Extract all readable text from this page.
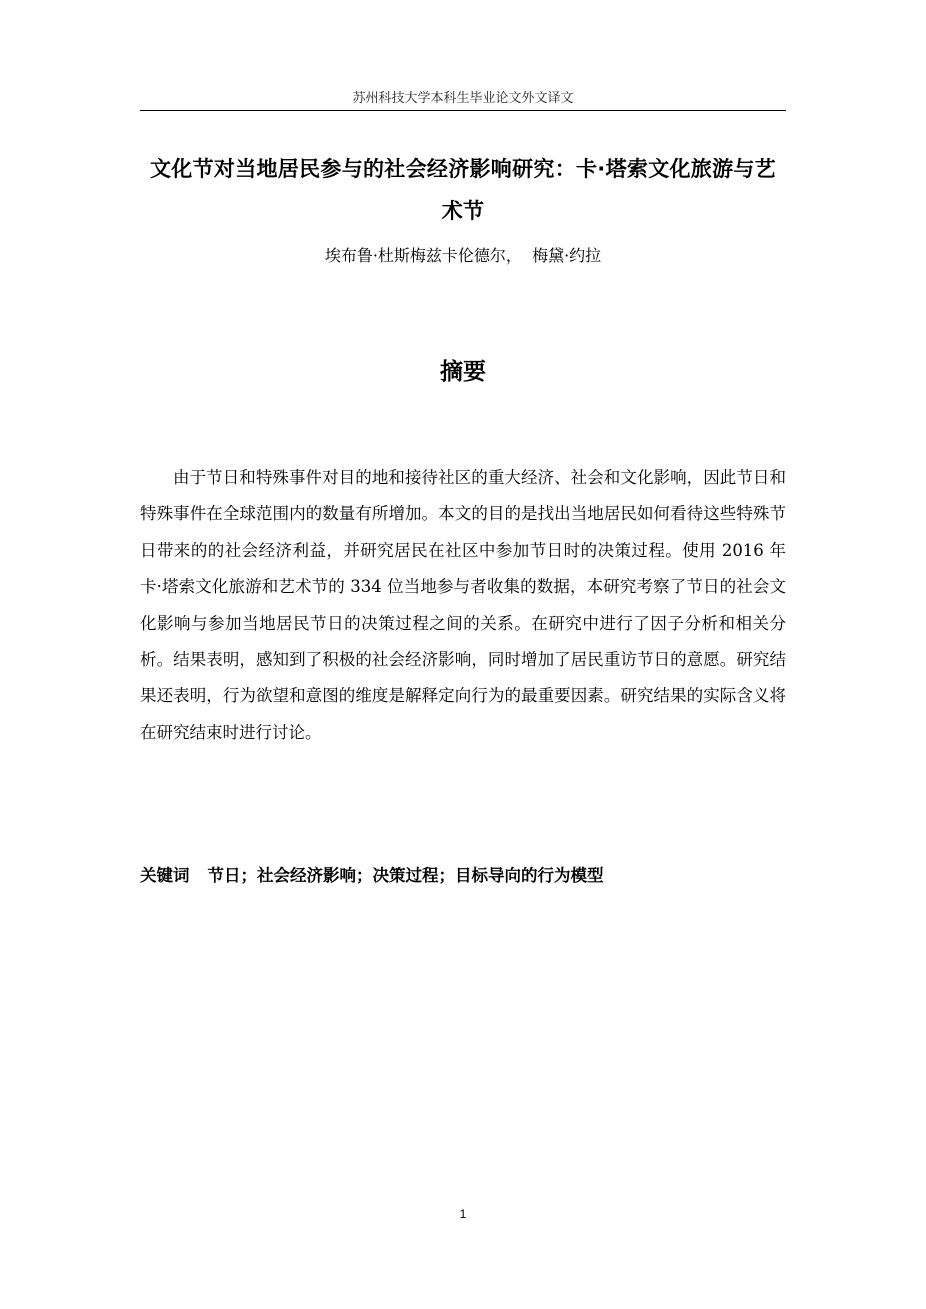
苏州科技大学本科生毕业论文外文译文
文化节对当地居民参与的社会经济影响研究：卡·塔索文化旅游与艺术节
埃布鲁·杜斯梅兹卡伦德尔，  梅黛·约拉
摘要

由于节日和特殊事件对目的地和接待社区的重大经济、社会和文化影响，因此节日和特殊事件在全球范围内的数量有所增加。本文的目的是找出当地居民如何看待这些特殊节日带来的的社会经济利益，并研究居民在社区中参加节日时的决策过程。使用 2016 年卡·塔索文化旅游和艺术节的 334 位当地参与者收集的数据，本研究考察了节日的社会文化影响与参加当地居民节日的决策过程之间的关系。在研究中进行了因子分析和相关分析。结果表明，感知到了积极的社会经济影响，同时增加了居民重访节日的意愿。研究结果还表明，行为欲望和意图的维度是解释定向行为的最重要因素。研究结果的实际含义将在研究结束时进行讨论。

关键词 节日；社会经济影响；决策过程；目标导向的行为模型
1
